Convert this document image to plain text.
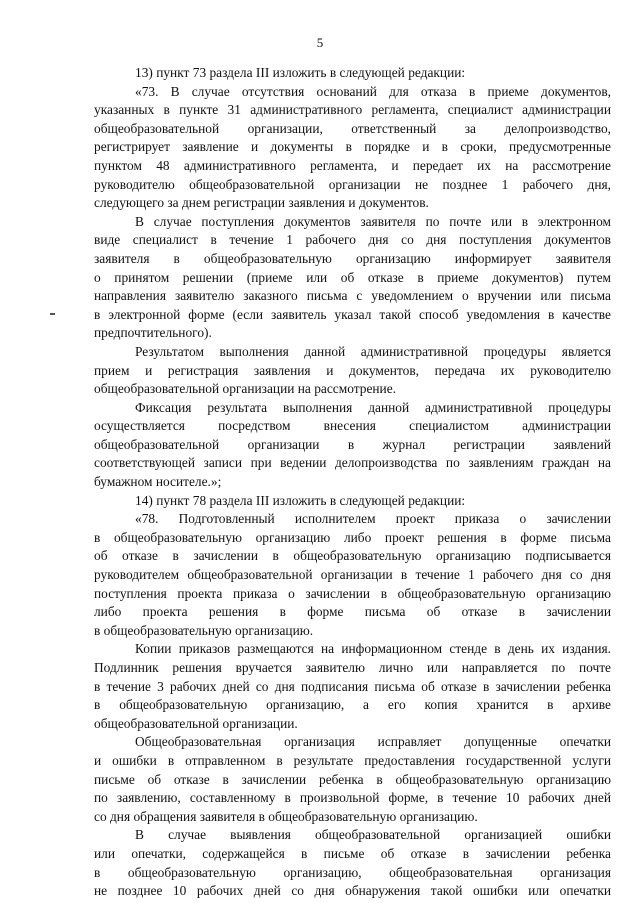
5
13) пункт 73 раздела III изложить в следующей редакции:
«73. В случае отсутствия оснований для отказа в приеме документов,
указанных в пункте 31 административного регламента, специалист администрации
общеобразовательной организации, ответственный за делопроизводство,
регистрирует заявление и документы в порядке и в сроки, предусмотренные
пунктом 48 административного регламента, и передает их на рассмотрение
руководителю общеобразовательной организации не позднее 1 рабочего дня,
следующего за днем регистрации заявления и документов.
В случае поступления документов заявителя по почте или в электронном
виде специалист в течение 1 рабочего дня со дня поступления документов
заявителя в общеобразовательную организацию информирует заявителя
о принятом решении (приеме или об отказе в приеме документов) путем
направления заявителю заказного письма с уведомлением о вручении или письма
в электронной форме (если заявитель указал такой способ уведомления в качестве
предпочтительного).
Результатом выполнения данной административной процедуры является
прием и регистрация заявления и документов, передача их руководителю
общеобразовательной организации на рассмотрение.
Фиксация результата выполнения данной административной процедуры
осуществляется посредством внесения специалистом администрации
общеобразовательной организации в журнал регистрации заявлений
соответствующей записи при ведении делопроизводства по заявлениям граждан на
бумажном носителе.»;
14) пункт 78 раздела III изложить в следующей редакции:
«78. Подготовленный исполнителем проект приказа о зачислении
в общеобразовательную организацию либо проект решения в форме письма
об отказе в зачислении в общеобразовательную организацию подписывается
руководителем общеобразовательной организации в течение 1 рабочего дня со дня
поступления проекта приказа о зачислении в общеобразовательную организацию
либо проекта решения в форме письма об отказе в зачислении
в общеобразовательную организацию.
Копии приказов размещаются на информационном стенде в день их издания.
Подлинник решения вручается заявителю лично или направляется по почте
в течение 3 рабочих дней со дня подписания письма об отказе в зачислении ребенка
в общеобразовательную организацию, а его копия хранится в архиве
общеобразовательной организации.
Общеобразовательная организация исправляет допущенные опечатки
и ошибки в отправленном в результате предоставления государственной услуги
письме об отказе в зачислении ребенка в общеобразовательную организацию
по заявлению, составленному в произвольной форме, в течение 10 рабочих дней
со дня обращения заявителя в общеобразовательную организацию.
В случае выявления общеобразовательной организацией ошибки
или опечатки, содержащейся в письме об отказе в зачислении ребенка
в общеобразовательную организацию, общеобразовательная организация
не позднее 10 рабочих дней со дня обнаружения такой ошибки или опечатки
